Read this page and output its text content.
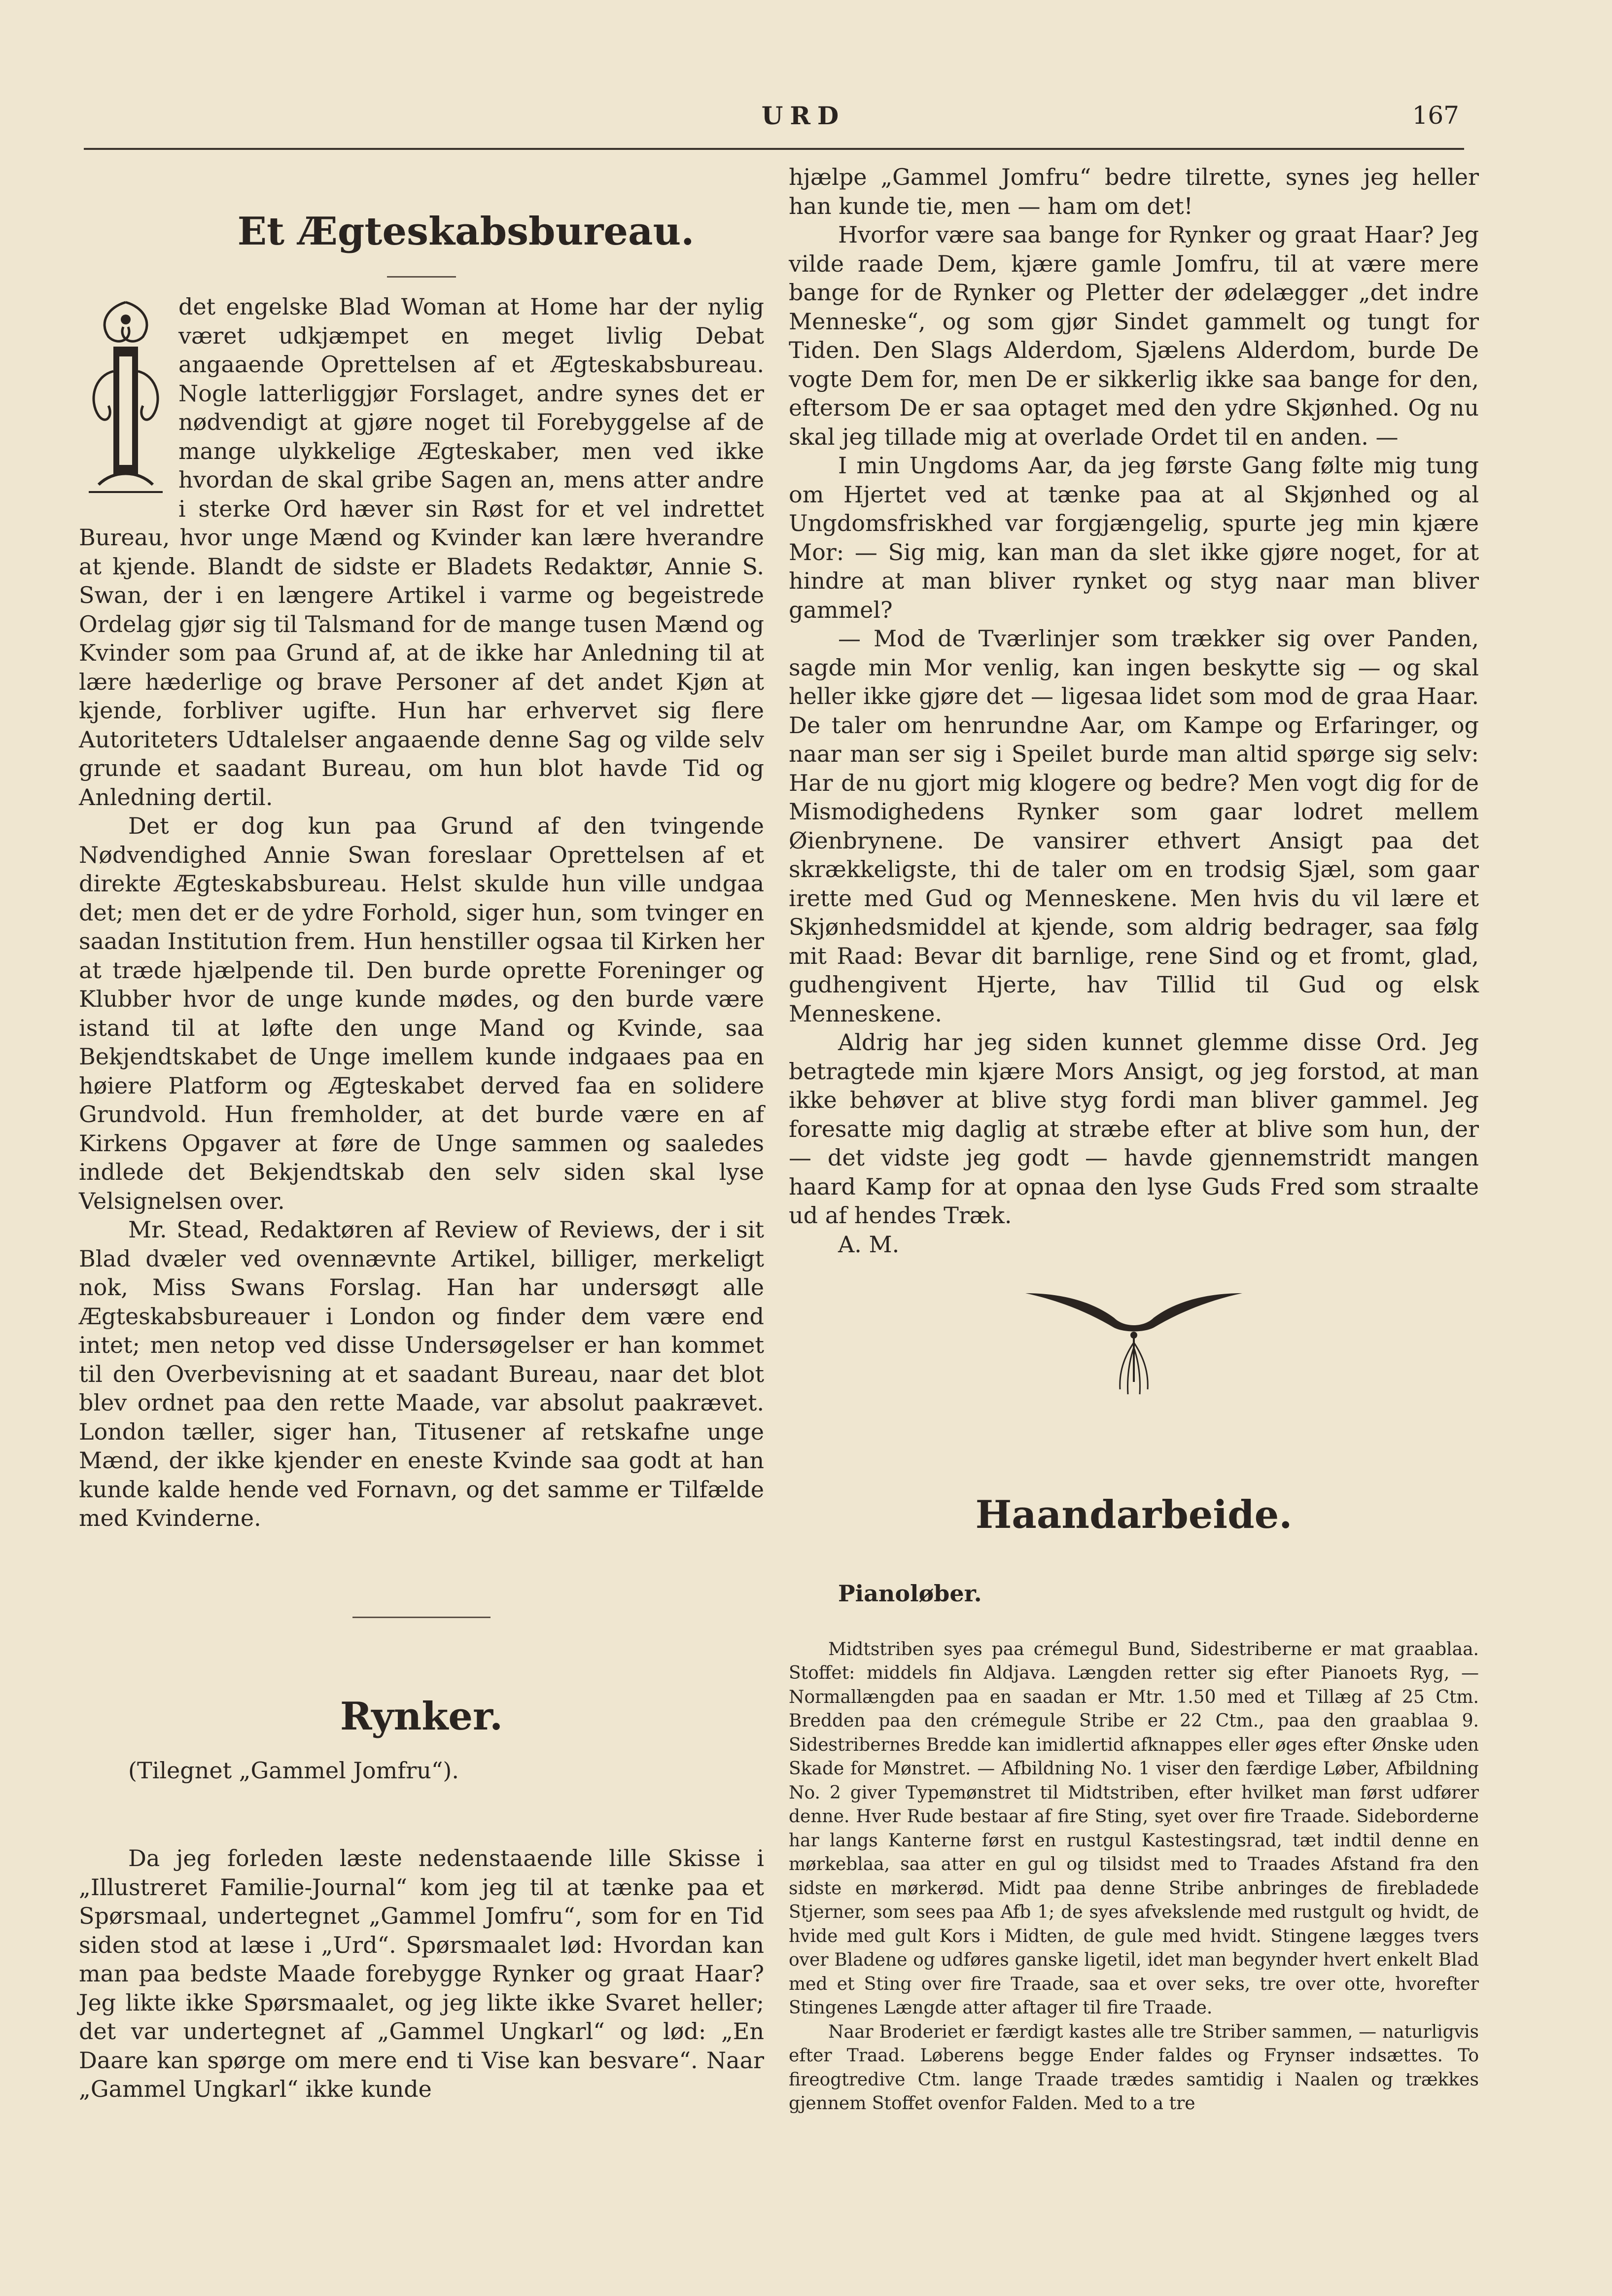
URD	167
Et Ægteskabsbureau.

det engelske Blad Woman at Home har der nylig været udkjæmpet en meget livlig Debat angaaende Oprettelsen af et Ægteskabsbureau. Nogle latterliggjør Forslaget, andre synes det er nødvendigt at gjøre noget til Forebyggelse af de mange ulykkelige Ægteskaber, men ved ikke hvordan de skal gribe Sagen an, mens atter andre i sterke Ord hæver sin Røst for et vel indrettet Bureau, hvor unge Mænd og Kvinder kan lære hverandre at kjende. Blandt de sidste er Bladets Redaktør, Annie S. Swan, der i en længere Artikel i varme og begeistrede Ordelag gjør sig til Talsmand for de mange tusen Mænd og Kvinder som paa Grund af, at de ikke har Anledning til at lære hæderlige og brave Personer af det andet Kjøn at kjende, forbliver ugifte. Hun har erhvervet sig flere Autoriteters Udtalelser angaaende denne Sag og vilde selv grunde et saadant Bureau, om hun blot havde Tid og Anledning dertil.

Det er dog kun paa Grund af den tvingende Nødvendighed Annie Swan foreslaar Oprettelsen af et direkte Ægteskabsbureau. Helst skulde hun ville undgaa det; men det er de ydre Forhold, siger hun, som tvinger en saadan Institution frem. Hun henstiller ogsaa til Kirken her at træde hjælpende til. Den burde oprette Foreninger og Klubber hvor de unge kunde mødes, og den burde være istand til at løfte den unge Mand og Kvinde, saa Bekjendtskabet de Unge imellem kunde indgaaes paa en høiere Platform og Ægteskabet derved faa en solidere Grundvold. Hun fremholder, at det burde være en af Kirkens Opgaver at føre de Unge sammen og saaledes indlede det Bekjendtskab den selv siden skal lyse Velsignelsen over.

Mr. Stead, Redaktøren af Review of Reviews, der i sit Blad dvæler ved ovennævnte Artikel, billiger, merkeligt nok, Miss Swans Forslag. Han har undersøgt alle Ægteskabsbureauer i London og finder dem være end intet; men netop ved disse Undersøgelser er han kommet til den Overbevisning at et saadant Bureau, naar det blot blev ordnet paa den rette Maade, var absolut paakrævet. London tæller, siger han, Titusener af retskafne unge Mænd, der ikke kjender en eneste Kvinde saa godt at han kunde kalde hende ved Fornavn, og det samme er Tilfælde med Kvinderne.

Rynker.

(Tilegnet „Gammel Jomfru“).

Da jeg forleden læste nedenstaaende lille Skisse i „Illustreret Familie-Journal“ kom jeg til at tænke paa et Spørsmaal, undertegnet „Gammel Jomfru“, som for en Tid siden stod at læse i „Urd“. Spørsmaalet lød: Hvordan kan man paa bedste Maade forebygge Rynker og graat Haar? Jeg likte ikke Spørsmaalet, og jeg likte ikke Svaret heller; det var undertegnet af „Gammel Ungkarl“ og lød: „En Daare kan spørge om mere end ti Vise kan besvare“. Naar „Gammel Ungkarl“ ikke kunde

hjælpe „Gammel Jomfru“ bedre tilrette, synes jeg heller han kunde tie, men — ham om det!

Hvorfor være saa bange for Rynker og graat Haar? Jeg vilde raade Dem, kjære gamle Jomfru, til at være mere bange for de Rynker og Pletter der ødelægger „det indre Menneske“, og som gjør Sindet gammelt og tungt for Tiden. Den Slags Alderdom, Sjælens Alderdom, burde De vogte Dem for, men De er sikkerlig ikke saa bange for den, eftersom De er saa optaget med den ydre Skjønhed. Og nu skal jeg tillade mig at overlade Ordet til en anden. —

I min Ungdoms Aar, da jeg første Gang følte mig tung om Hjertet ved at tænke paa at al Skjønhed og al Ungdomsfriskhed var forgjængelig, spurte jeg min kjære Mor: — Sig mig, kan man da slet ikke gjøre noget, for at hindre at man bliver rynket og styg naar man bliver gammel?

— Mod de Tværlinjer som trækker sig over Panden, sagde min Mor venlig, kan ingen beskytte sig — og skal heller ikke gjøre det — ligesaa lidet som mod de graa Haar. De taler om henrundne Aar, om Kampe og Erfaringer, og naar man ser sig i Speilet burde man altid spørge sig selv: Har de nu gjort mig klogere og bedre? Men vogt dig for de Mismodighedens Rynker som gaar lodret mellem Øienbrynene. De vansirer ethvert Ansigt paa det skrækkeligste, thi de taler om en trodsig Sjæl, som gaar irette med Gud og Menneskene. Men hvis du vil lære et Skjønhedsmiddel at kjende, som aldrig bedrager, saa følg mit Raad: Bevar dit barnlige, rene Sind og et fromt, glad, gudhengivent Hjerte, hav Tillid til Gud og elsk Menneskene.

Aldrig har jeg siden kunnet glemme disse Ord. Jeg betragtede min kjære Mors Ansigt, og jeg forstod, at man ikke behøver at blive styg fordi man bliver gammel. Jeg foresatte mig daglig at stræbe efter at blive som hun, der — det vidste jeg godt — havde gjennemstridt mangen haard Kamp for at opnaa den lyse Guds Fred som straalte ud af hendes Træk.

A. M.

Haandarbeide.

Pianoløber.

Midtstriben syes paa crémegul Bund, Sidestriberne er mat graablaa. Stoffet: middels fin Aldjava. Længden retter sig efter Pianoets Ryg, — Normallængden paa en saadan er Mtr. 1.50 med et Tillæg af 25 Ctm. Bredden paa den crémegule Stribe er 22 Ctm., paa den graablaa 9. Sidestribernes Bredde kan imidlertid afknappes eller øges efter Ønske uden Skade for Mønstret. — Afbildning No. 1 viser den færdige Løber, Afbildning No. 2 giver Typemønstret til Midtstriben, efter hvilket man først udfører denne. Hver Rude bestaar af fire Sting, syet over fire Traade. Sideborderne har langs Kanterne først en rustgul Kastestingsrad, tæt indtil denne en mørkeblaa, saa atter en gul og tilsidst med to Traades Afstand fra den sidste en mørkerød. Midt paa denne Stribe anbringes de firebladede Stjerner, som sees paa Afb 1; de syes afvekslende med rustgult og hvidt, de hvide med gult Kors i Midten, de gule med hvidt. Stingene lægges tvers over Bladene og udføres ganske ligetil, idet man begynder hvert enkelt Blad med et Sting over fire Traade, saa et over seks, tre over otte, hvorefter Stingenes Længde atter aftager til fire Traade.

Naar Broderiet er færdigt kastes alle tre Striber sammen, — naturligvis efter Traad. Løberens begge Ender faldes og Frynser indsættes. To fireogtredive Ctm. lange Traade trædes samtidig i Naalen og trækkes gjennem Stoffet ovenfor Falden. Med to a tre
